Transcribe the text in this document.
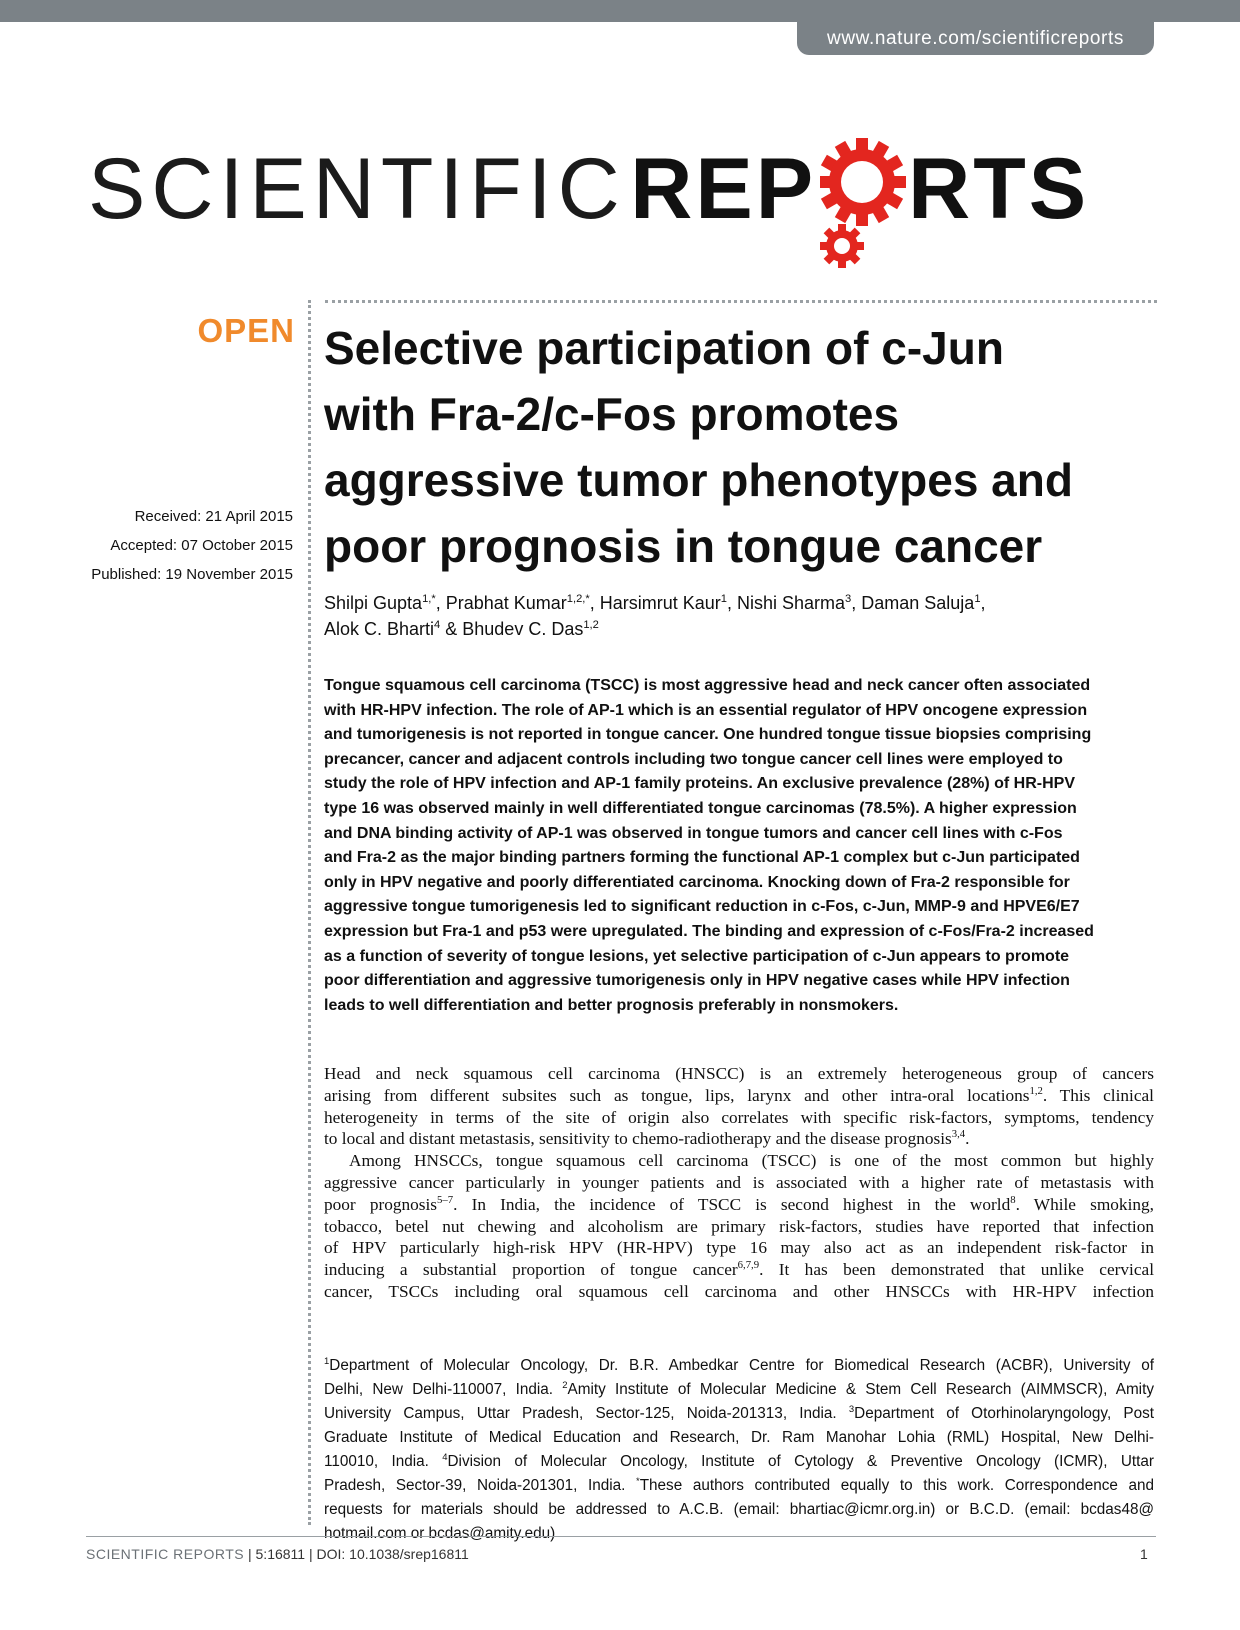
www.nature.com/scientificreports
SCIENTIFIC REP RTS
OPEN
Received: 21 April 2015
Accepted: 07 October 2015
Published: 19 November 2015
Selective participation of c-Jun
with Fra-2/c-Fos promotes
aggressive tumor phenotypes and
poor prognosis in tongue cancer
Shilpi Gupta$^{1,*}$, Prabhat Kumar$^{1,2,*}$, Harsimrut Kaur$^1$, Nishi Sharma$^3$, Daman Saluja$^1$,
Alok C. Bharti$^4$ & Bhudev C. Das$^{1,2}$
Tongue squamous cell carcinoma (TSCC) is most aggressive head and neck cancer often associated
with HR-HPV infection. The role of AP-1 which is an essential regulator of HPV oncogene expression
and tumorigenesis is not reported in tongue cancer. One hundred tongue tissue biopsies comprising
precancer, cancer and adjacent controls including two tongue cancer cell lines were employed to
study the role of HPV infection and AP-1 family proteins. An exclusive prevalence (28%) of HR-HPV
type 16 was observed mainly in well differentiated tongue carcinomas (78.5%). A higher expression
and DNA binding activity of AP-1 was observed in tongue tumors and cancer cell lines with c-Fos
and Fra-2 as the major binding partners forming the functional AP-1 complex but c-Jun participated
only in HPV negative and poorly differentiated carcinoma. Knocking down of Fra-2 responsible for
aggressive tongue tumorigenesis led to significant reduction in c-Fos, c-Jun, MMP-9 and HPVE6/E7
expression but Fra-1 and p53 were upregulated. The binding and expression of c-Fos/Fra-2 increased
as a function of severity of tongue lesions, yet selective participation of c-Jun appears to promote
poor differentiation and aggressive tumorigenesis only in HPV negative cases while HPV infection
leads to well differentiation and better prognosis preferably in nonsmokers.
Head and neck squamous cell carcinoma (HNSCC) is an extremely heterogeneous group of cancers
arising from different subsites such as tongue, lips, larynx and other intra-oral locations$^{1,2}$. This clinical
heterogeneity in terms of the site of origin also correlates with specific risk-factors, symptoms, tendency
to local and distant metastasis, sensitivity to chemo-radiotherapy and the disease prognosis$^{3,4}$.
Among HNSCCs, tongue squamous cell carcinoma (TSCC) is one of the most common but highly
aggressive cancer particularly in younger patients and is associated with a higher rate of metastasis with
poor prognosis$^{5-7}$. In India, the incidence of TSCC is second highest in the world$^8$. While smoking,
tobacco, betel nut chewing and alcoholism are primary risk-factors, studies have reported that infection
of HPV particularly high-risk HPV (HR-HPV) type 16 may also act as an independent risk-factor in
inducing a substantial proportion of tongue cancer$^{6,7,9}$. It has been demonstrated that unlike cervical
cancer, TSCCs including oral squamous cell carcinoma and other HNSCCs with HR-HPV infection
$^1$Department of Molecular Oncology, Dr. B.R. Ambedkar Centre for Biomedical Research (ACBR), University of
Delhi, New Delhi-110007, India. $^2$Amity Institute of Molecular Medicine & Stem Cell Research (AIMMSCR), Amity
University Campus, Uttar Pradesh, Sector-125, Noida-201313, India. $^3$Department of Otorhinolaryngology, Post
Graduate Institute of Medical Education and Research, Dr. Ram Manohar Lohia (RML) Hospital, New Delhi-
110010, India. $^4$Division of Molecular Oncology, Institute of Cytology & Preventive Oncology (ICMR), Uttar
Pradesh, Sector-39, Noida-201301, India. *These authors contributed equally to this work. Correspondence and
requests for materials should be addressed to A.C.B. (email: bhartiac@icmr.org.in) or B.C.D. (email: bcdas48@
hotmail.com or bcdas@amity.edu)
SCIENTIFIC REPORTS | 5:16811 | DOI: 10.1038/srep16811	1
